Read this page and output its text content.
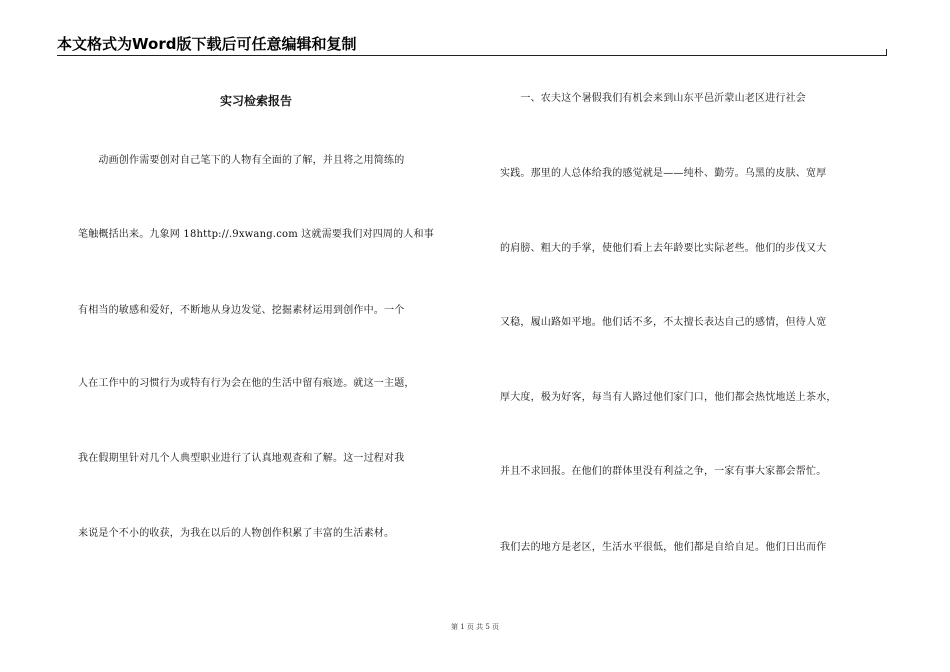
本文格式为Word版下载后可任意编辑和复制
实习检索报告
　　动画创作需要创对自己笔下的人物有全面的了解，并且将之用简练的
笔触概括出来。九象网 18http://.9xwang.com 这就需要我们对四周的人和事
有相当的敏感和爱好，不断地从身边发觉、挖掘素材运用到创作中。一个
人在工作中的习惯行为或特有行为会在他的生活中留有痕迹。就这一主题，
我在假期里针对几个人典型职业进行了认真地观查和了解。这一过程对我
来说是个不小的收获，为我在以后的人物创作积累了丰富的生活素材。
　　一、农夫这个暑假我们有机会来到山东平邑沂蒙山老区进行社会
实践。那里的人总体给我的感觉就是——纯朴、勤劳。乌黑的皮肤、宽厚
的肩膀、粗大的手掌，使他们看上去年龄要比实际老些。他们的步伐又大
又稳，履山路如平地。他们话不多，不太擅长表达自己的感情，但待人宽
厚大度，极为好客，每当有人路过他们家门口，他们都会热忱地送上茶水，
并且不求回报。在他们的群体里没有利益之争，一家有事大家都会帮忙。
我们去的地方是老区，生活水平很低，他们都是自给自足。他们日出而作
第 1 页 共 5 页
